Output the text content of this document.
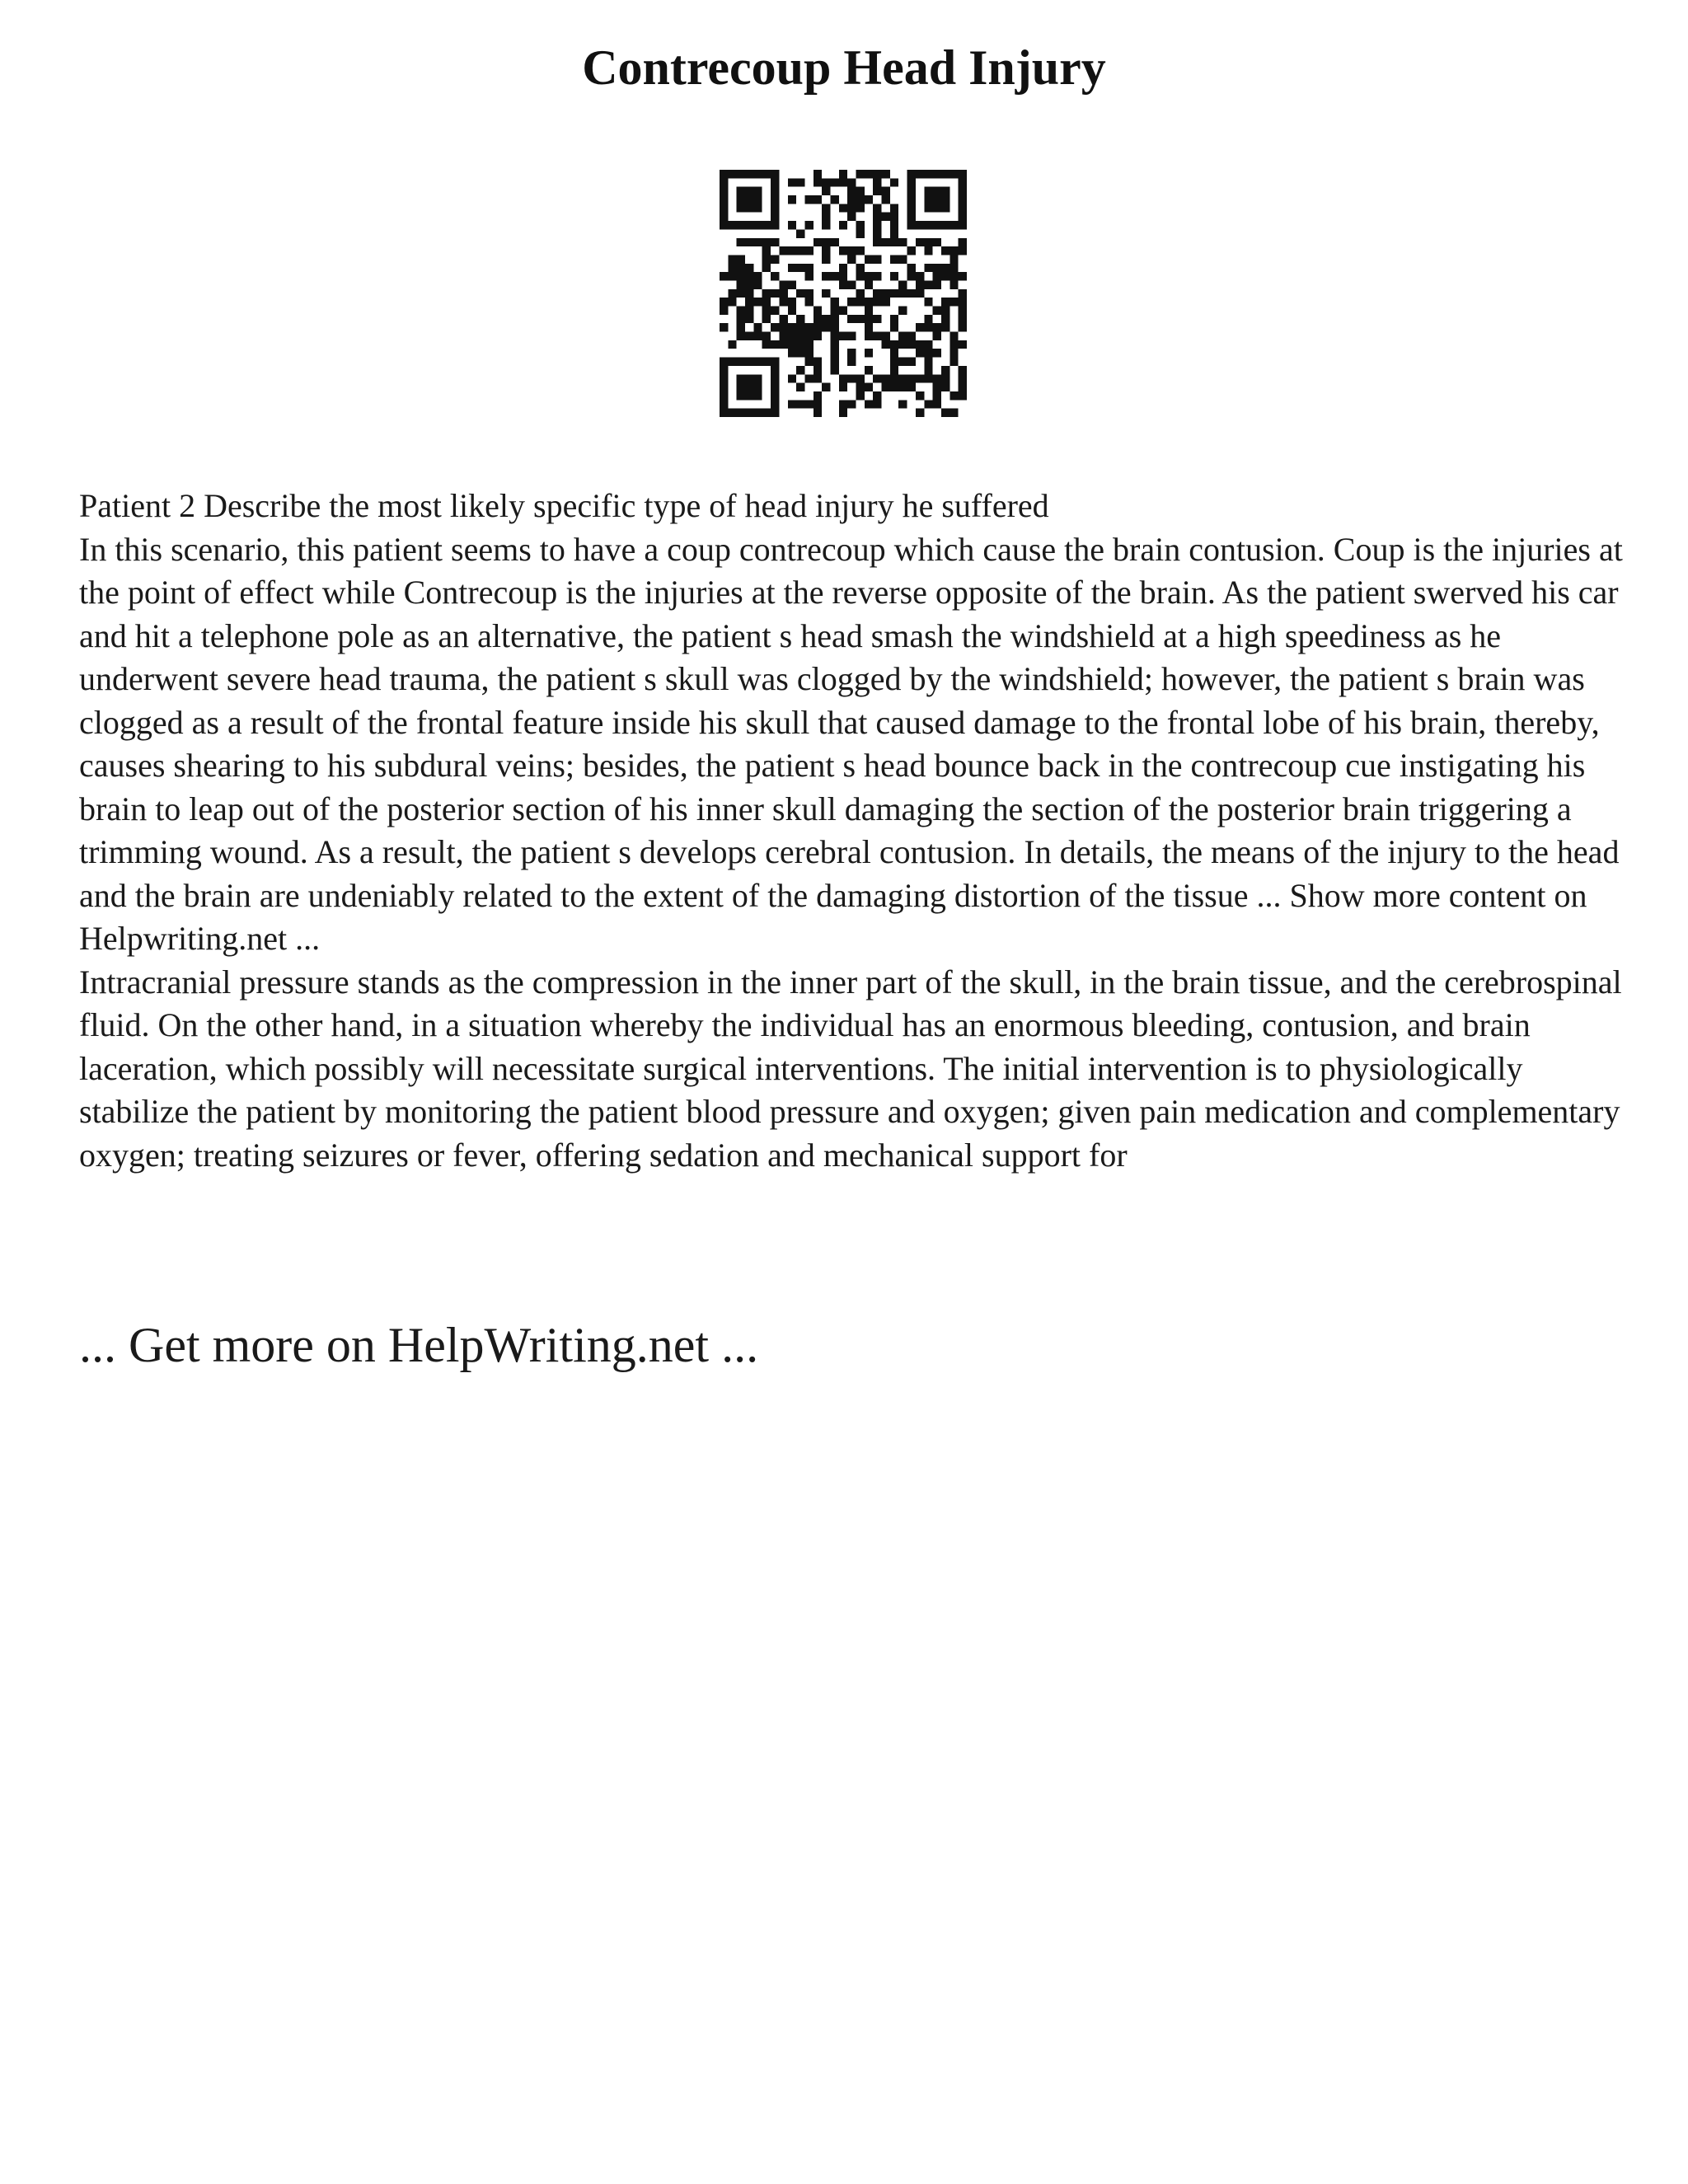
Contrecoup Head Injury

Patient 2 Describe the most likely specific type of head injury he suffered

In this scenario, this patient seems to have a coup contrecoup which cause the brain contusion. Coup is the injuries at the point of effect while Contrecoup is the injuries at the reverse opposite of the brain. As the patient swerved his car and hit a telephone pole as an alternative, the patient s head smash the windshield at a high speediness as he underwent severe head trauma, the patient s skull was clogged by the windshield; however, the patient s brain was clogged as a result of the frontal feature inside his skull that caused damage to the frontal lobe of his brain, thereby, causes shearing to his subdural veins; besides, the patient s head bounce back in the contrecoup cue instigating his brain to leap out of the posterior section of his inner skull damaging the section of the posterior brain triggering a trimming wound. As a result, the patient s develops cerebral contusion. In details, the means of the injury to the head and the brain are undeniably related to the extent of the damaging distortion of the tissue ... Show more content on Helpwriting.net ...

Intracranial pressure stands as the compression in the inner part of the skull, in the brain tissue, and the cerebrospinal fluid. On the other hand, in a situation whereby the individual has an enormous bleeding, contusion, and brain laceration, which possibly will necessitate surgical interventions. The initial intervention is to physiologically stabilize the patient by monitoring the patient blood pressure and oxygen; given pain medication and complementary oxygen; treating seizures or fever, offering sedation and mechanical support for

... Get more on HelpWriting.net ...
